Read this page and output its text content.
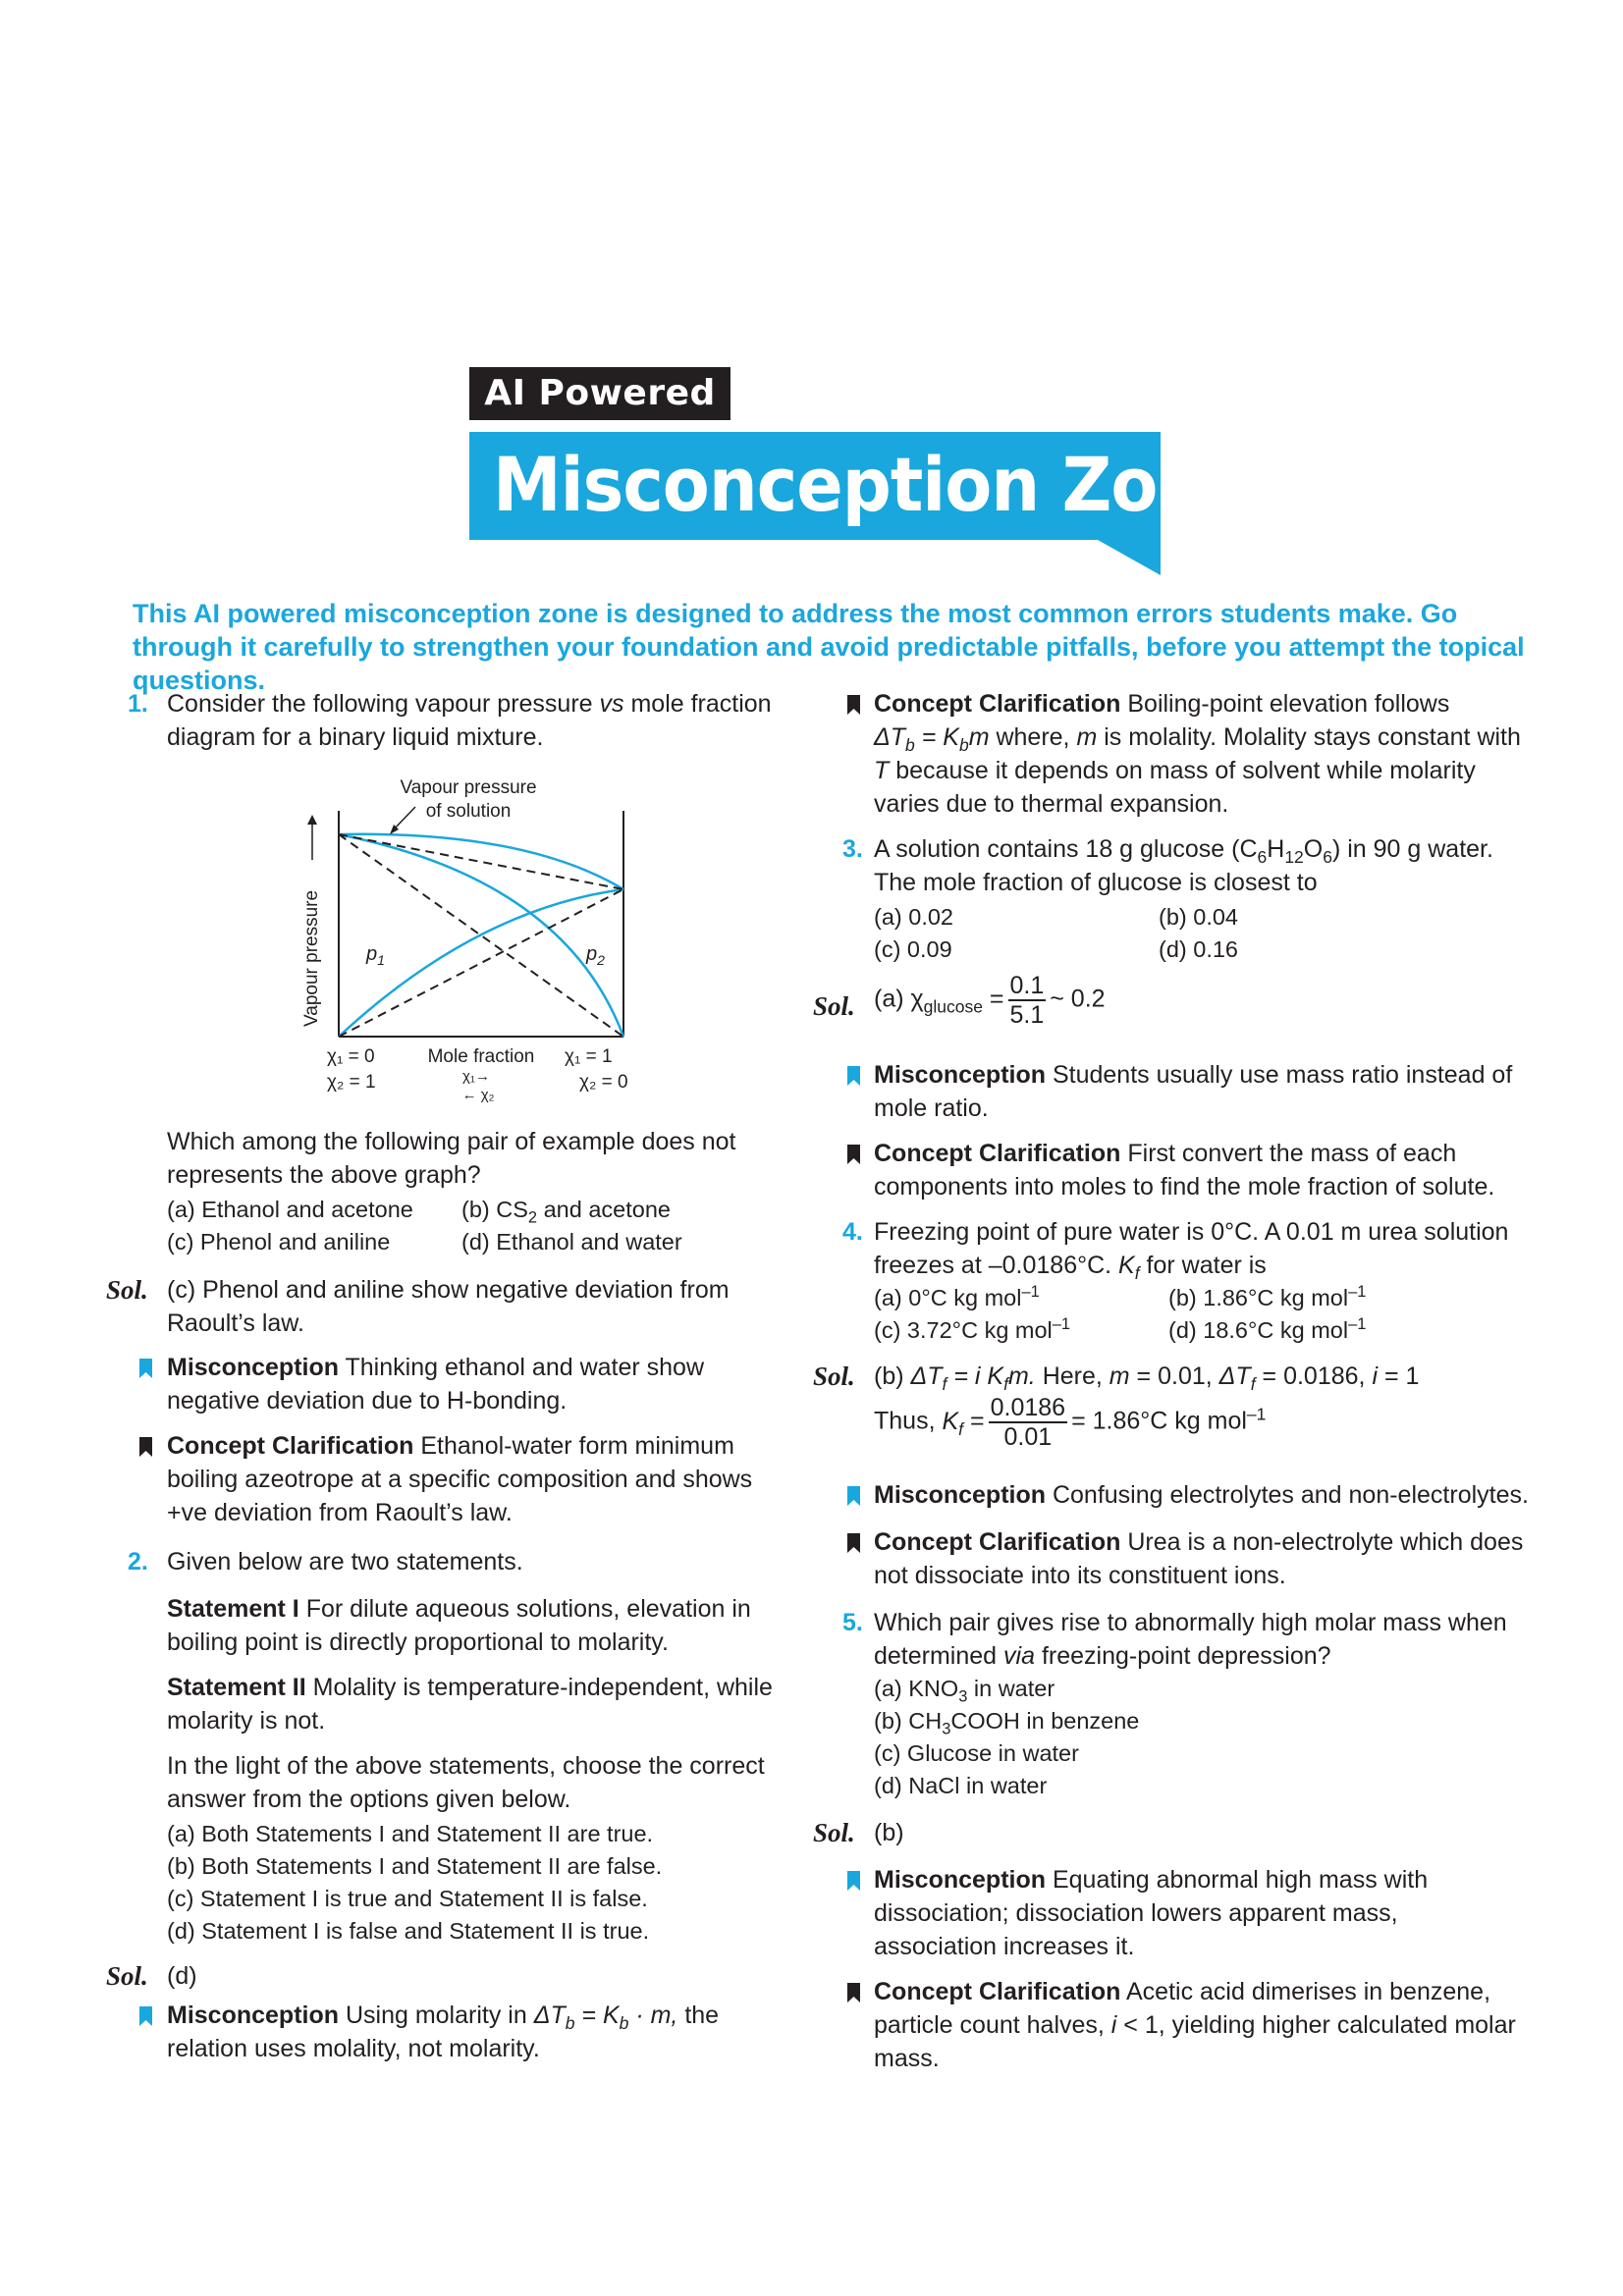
AI Powered
Misconception Zone
This AI powered misconception zone is designed to address the most common errors students make. Go through it carefully to strengthen your foundation and avoid predictable pitfalls, before you attempt the topical questions.
1. Consider the following vapour pressure vs mole fraction diagram for a binary liquid mixture.

Vapour pressure
of solution
Vapour pressure $p_1$	$p_2$
χ₁ = 0
χ₂ = 1
Mole fraction
χ₁→
← χ₂
χ₁ = 1
χ₂ = 0

Which among the following pair of example does not represents the above graph?

(a) Ethanol and acetone	(b) $CS_2$ and acetone
(c) Phenol and aniline	(d) Ethanol and water
Sol. (c) Phenol and aniline show negative deviation from Raoult’s law.

Misconception Thinking ethanol and water show negative deviation due to H-bonding.

Concept Clarification Ethanol-water form minimum boiling azeotrope at a specific composition and shows +ve deviation from Raoult’s law.

2. Given below are two statements.

Statement I For dilute aqueous solutions, elevation in boiling point is directly proportional to molarity.

Statement II Molality is temperature-independent, while molarity is not.

In the light of the above statements, choose the correct answer from the options given below.

(a) Both Statements I and Statement II are true.
(b) Both Statements I and Statement II are false.
(c) Statement I is true and Statement II is false.
(d) Statement I is false and Statement II is true.
Sol. (d)

Misconception Using molarity in $\Delta T_b = K_b \cdot m$, the relation uses molality, not molarity.

Concept Clarification Boiling-point elevation follows
$\Delta T_b = K_bm$ where, m is molality. Molality stays constant with T because it depends on mass of solvent while molarity varies due to thermal expansion.

3. A solution contains 18 g glucose $(C_6H_{12}O_6)$ in 90 g water. The mole fraction of glucose is closest to

(a) 0.02	(b) 0.04
(c) 0.09	(d) 0.16
Sol. (a) $\chi_{glucose} = \frac{0.1}{5.1}$ ~ 0.2

Misconception Students usually use mass ratio instead of mole ratio.

Concept Clarification First convert the mass of each components into moles to find the mole fraction of solute.

4. Freezing point of pure water is 0°C. A 0.01 m urea solution freezes at –0.0186°C. $K_f$ for water is

(a) 0°C kg mol$^{-1}$	(b) 1.86°C kg mol$^{-1}$
(c) 3.72°C kg mol$^{-1}$	(d) 18.6°C kg mol$^{-1}$
Sol. (b) $\Delta T_f = i$ $K_fm$. Here, m = 0.01, $\Delta T_f = 0.0186$, i = 1

Thus, $K_f = \frac{0.0186}{0.01} = 1.86^\circ C$ kg mol$^{-1}$

Misconception Confusing electrolytes and non-electrolytes.

Concept Clarification Urea is a non-electrolyte which does not dissociate into its constituent ions.

5. Which pair gives rise to abnormally high molar mass when determined via freezing-point depression?

(a) $KNO_3$ in water
(b) $CH_3COOH$ in benzene
(c) Glucose in water
(d) NaCl in water
Sol. (b)

Misconception Equating abnormal high mass with dissociation; dissociation lowers apparent mass, association increases it.

Concept Clarification Acetic acid dimerises in benzene, particle count halves, i < 1, yielding higher calculated molar mass.
